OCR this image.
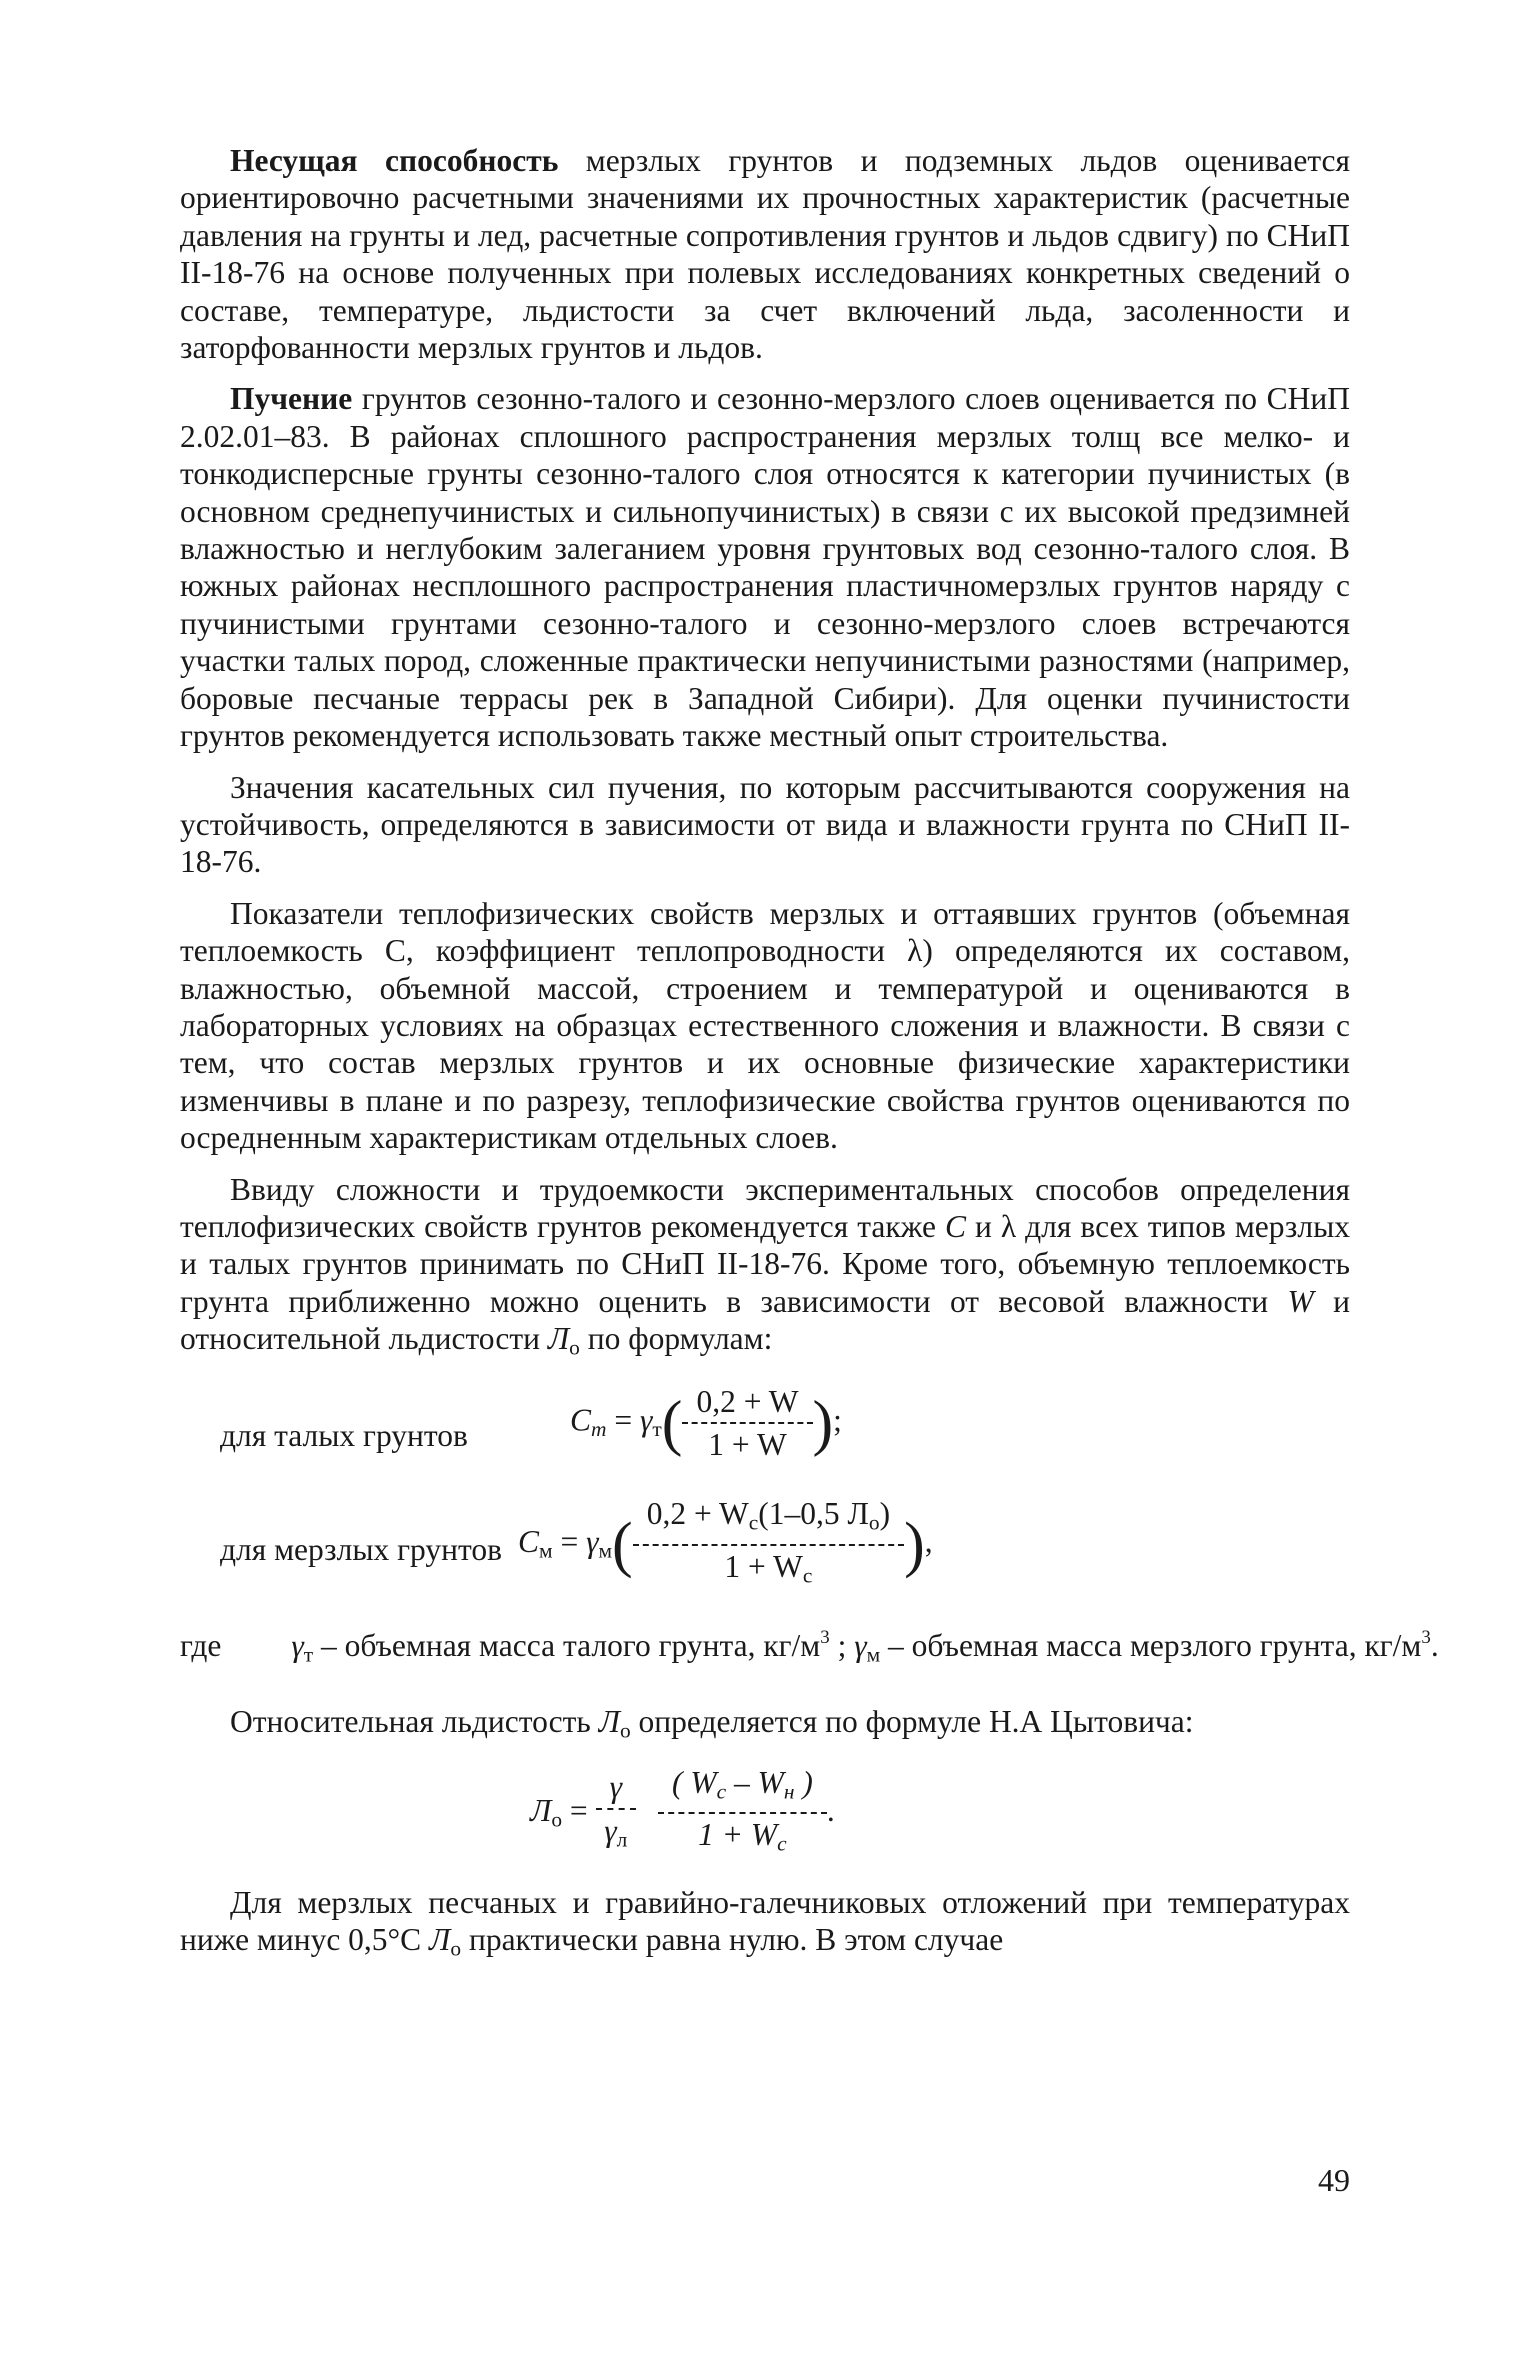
Несущая способность мерзлых грунтов и подземных льдов оценивается ориентировочно расчетными значениями их прочностных характеристик (расчетные давления на грунты и лед, расчетные сопротивления грунтов и льдов сдвигу) по СНиП II-18-76 на основе полученных при полевых исследованиях конкретных сведений о составе, температуре, льдистости за счет включений льда, засоленности и заторфованности мерзлых грунтов и льдов.

Пучение грунтов сезонно-талого и сезонно-мерзлого слоев оценивается по СНиП 2.02.01–83. В районах сплошного распространения мерзлых толщ все мелко- и тонкодисперсные грунты сезонно-талого слоя относятся к категории пучинистых (в основном среднепучинистых и сильнопучинистых) в связи с их высокой предзимней влажностью и неглубоким залеганием уровня грунтовых вод сезонно-талого слоя. В южных районах несплошного распространения пластичномерзлых грунтов наряду с пучинистыми грунтами сезонно-талого и сезонно-мерзлого слоев встречаются участки талых пород, сложенные практически непучинистыми разностями (например, боровые песчаные террасы рек в Западной Сибири). Для оценки пучинистости грунтов рекомендуется использовать также местный опыт строительства.

Значения касательных сил пучения, по которым рассчитываются сооружения на устойчивость, определяются в зависимости от вида и влажности грунта по СНиП II-18-76.

Показатели теплофизических свойств мерзлых и оттаявших грунтов (объемная теплоемкость C, коэффициент теплопроводности λ) определяются их составом, влажностью, объемной массой, строением и температурой и оцениваются в лабораторных условиях на образцах естественного сложения и влажности. В связи с тем, что состав мерзлых грунтов и их основные физические характеристики изменчивы в плане и по разрезу, теплофизические свойства грунтов оцениваются по осредненным характеристикам отдельных слоев.

Ввиду сложности и трудоемкости экспериментальных способов определения теплофизических свойств грунтов рекомендуется также C и λ для всех типов мерзлых и талых грунтов принимать по СНиП II-18-76. Кроме того, объемную теплоемкость грунта приближенно можно оценить в зависимости от весовой влажности W и относительной льдистости $Л_о$ по формулам:

для талых грунтов	$C_т = \gamma_т( \frac{0,2 + W}{1 + W}$ );
для мерзлых грунтов $C_м = \gamma_м( \frac{0,2 + W_с(1-0,5 Л_о)}{1 + W_с}$ ),
где $\gamma_т$ – объемная масса талого грунта, $кг/м^3$ ; $\gamma_м$ – объемная масса мерзлого грунта, $кг/м^3$.

Относительная льдистость $Л_о$ определяется по формуле Н.А Цытовича:

$Л_о = \frac{\gamma}{\gamma_л} \frac{( W_с - W_н )}{1 + W_с}$ .

Для мерзлых песчаных и гравийно-галечниковых отложений при температурах ниже минус 0,5°C $Л_о$ практически равна нулю. В этом случае

49
